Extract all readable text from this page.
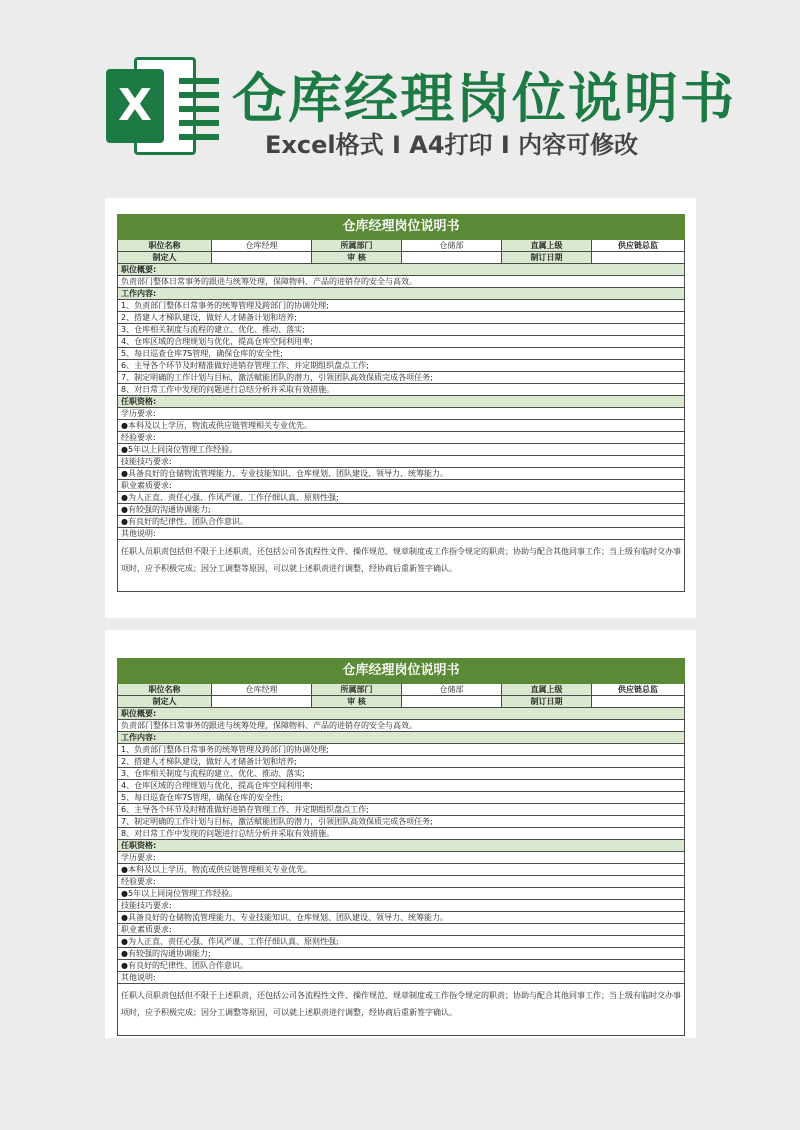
X 仓库经理岗位说明书
Excel格式 I A4打印 I 内容可修改
仓库经理岗位说明书					
职位名称	仓库经理	所属部门	仓储部	直属上级	供应链总监
制定人		审 核		制订日期	
职位概要:					
负责部门整体日常事务的跟进与统筹处理，保障物料、产品的进销存的安全与高效。					
工作内容:					
1、负责部门整体日常事务的统筹管理及跨部门的协调处理;					
2、搭建人才梯队建设，做好人才储备计划和培养;					
3、仓库相关制度与流程的建立、优化、推动、落实;					
4、仓库区域的合理规划与优化，提高仓库空间利用率;					
5、每日巡查仓库7S管理，确保仓库的安全性;					
6、主导各个环节及时精准做好进销存管理工作、并定期组织盘点工作;					
7、制定明确的工作计划与目标，激活赋能团队的潜力，引领团队高效保质完成各项任务;					
8、对日常工作中发现的问题进行总结分析并采取有效措施。					
任职资格:					
学历要求:					
●本科及以上学历，物流或供应链管理相关专业优先。					
经验要求:					
●5年以上同岗位管理工作经验。					
技能技巧要求:					
●具备良好的仓储物流管理能力、专业技能知识、仓库规划、团队建设、领导力、统筹能力。					
职业素质要求:					
●为人正直、责任心强、作风严谨、工作仔细认真、原则性强;					
●有较强的沟通协调能力;					
●有良好的纪律性、团队合作意识。					
其他说明:					
任职人员职责包括但不限于上述职责，还包括公司各流程性文件、操作规范、规章制度或工作指令规定的职责；协助与配合其他同事工作；当上级有临时交办事项时，应予积极完成；因分工调整等原因，可以就上述职责进行调整，经协商后重新签字确认。					
仓库经理岗位说明书					
职位名称	仓库经理	所属部门	仓储部	直属上级	供应链总监
制定人		审 核		制订日期	
职位概要:					
负责部门整体日常事务的跟进与统筹处理，保障物料、产品的进销存的安全与高效。					
工作内容:					
1、负责部门整体日常事务的统筹管理及跨部门的协调处理;					
2、搭建人才梯队建设，做好人才储备计划和培养;					
3、仓库相关制度与流程的建立、优化、推动、落实;					
4、仓库区域的合理规划与优化，提高仓库空间利用率;					
5、每日巡查仓库7S管理，确保仓库的安全性;					
6、主导各个环节及时精准做好进销存管理工作、并定期组织盘点工作;					
7、制定明确的工作计划与目标，激活赋能团队的潜力，引领团队高效保质完成各项任务;					
8、对日常工作中发现的问题进行总结分析并采取有效措施。					
任职资格:					
学历要求:					
●本科及以上学历，物流或供应链管理相关专业优先。					
经验要求:					
●5年以上同岗位管理工作经验。					
技能技巧要求:					
●具备良好的仓储物流管理能力、专业技能知识、仓库规划、团队建设、领导力、统筹能力。					
职业素质要求:					
●为人正直、责任心强、作风严谨、工作仔细认真、原则性强;					
●有较强的沟通协调能力;					
●有良好的纪律性、团队合作意识。					
其他说明:					
任职人员职责包括但不限于上述职责，还包括公司各流程性文件、操作规范、规章制度或工作指令规定的职责；协助与配合其他同事工作；当上级有临时交办事项时，应予积极完成；因分工调整等原因，可以就上述职责进行调整，经协商后重新签字确认。					
